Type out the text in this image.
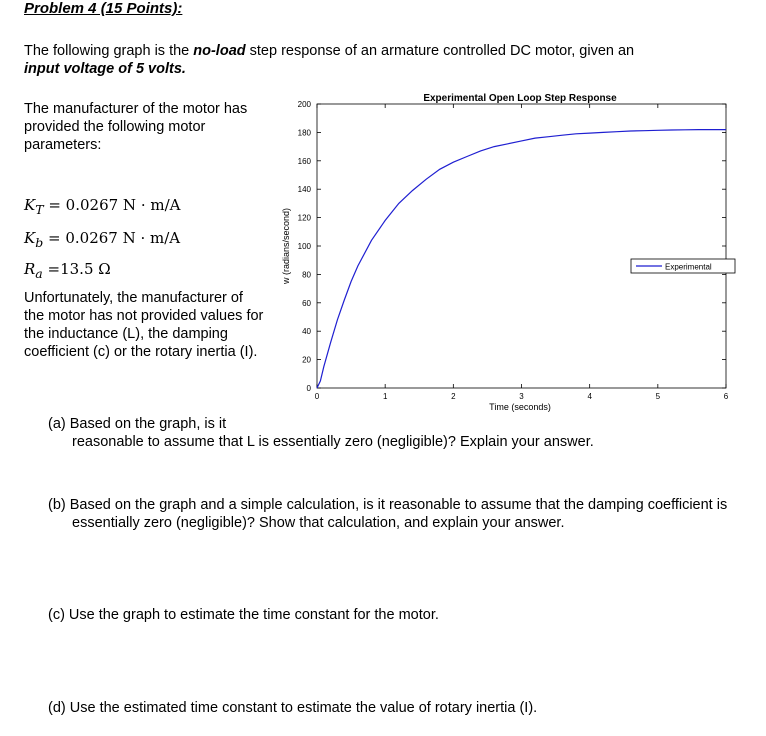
Problem 4 (15 Points):
The following graph is the no-load step response of an armature controlled DC motor, given an
input voltage of 5 volts.
The manufacturer of the motor has provided the following motor parameters:
$K_T = 0.0267$ N · m/A
$K_b = 0.0267$ N · m/A
$R_a =13.5$ Ω
Unfortunately, the manufacturer of the motor has not provided values for the inductance (L), the damping coefficient (c) or the rotary inertia (I).
Experimental Open Loop Step Response
0
20
40
60
80
100
120
140
160
180
200
0	1	2	3	4	5	6
Time (seconds)
w (radians/second)	Experimental
(a) Based on the graph, is it
reasonable to assume that L is essentially zero (negligible)? Explain your answer.
(b) Based on the graph and a simple calculation, is it reasonable to assume that the damping coefficient is
essentially zero (negligible)? Show that calculation, and explain your answer.
(c) Use the graph to estimate the time constant for the motor.
(d) Use the estimated time constant to estimate the value of rotary inertia (I).
